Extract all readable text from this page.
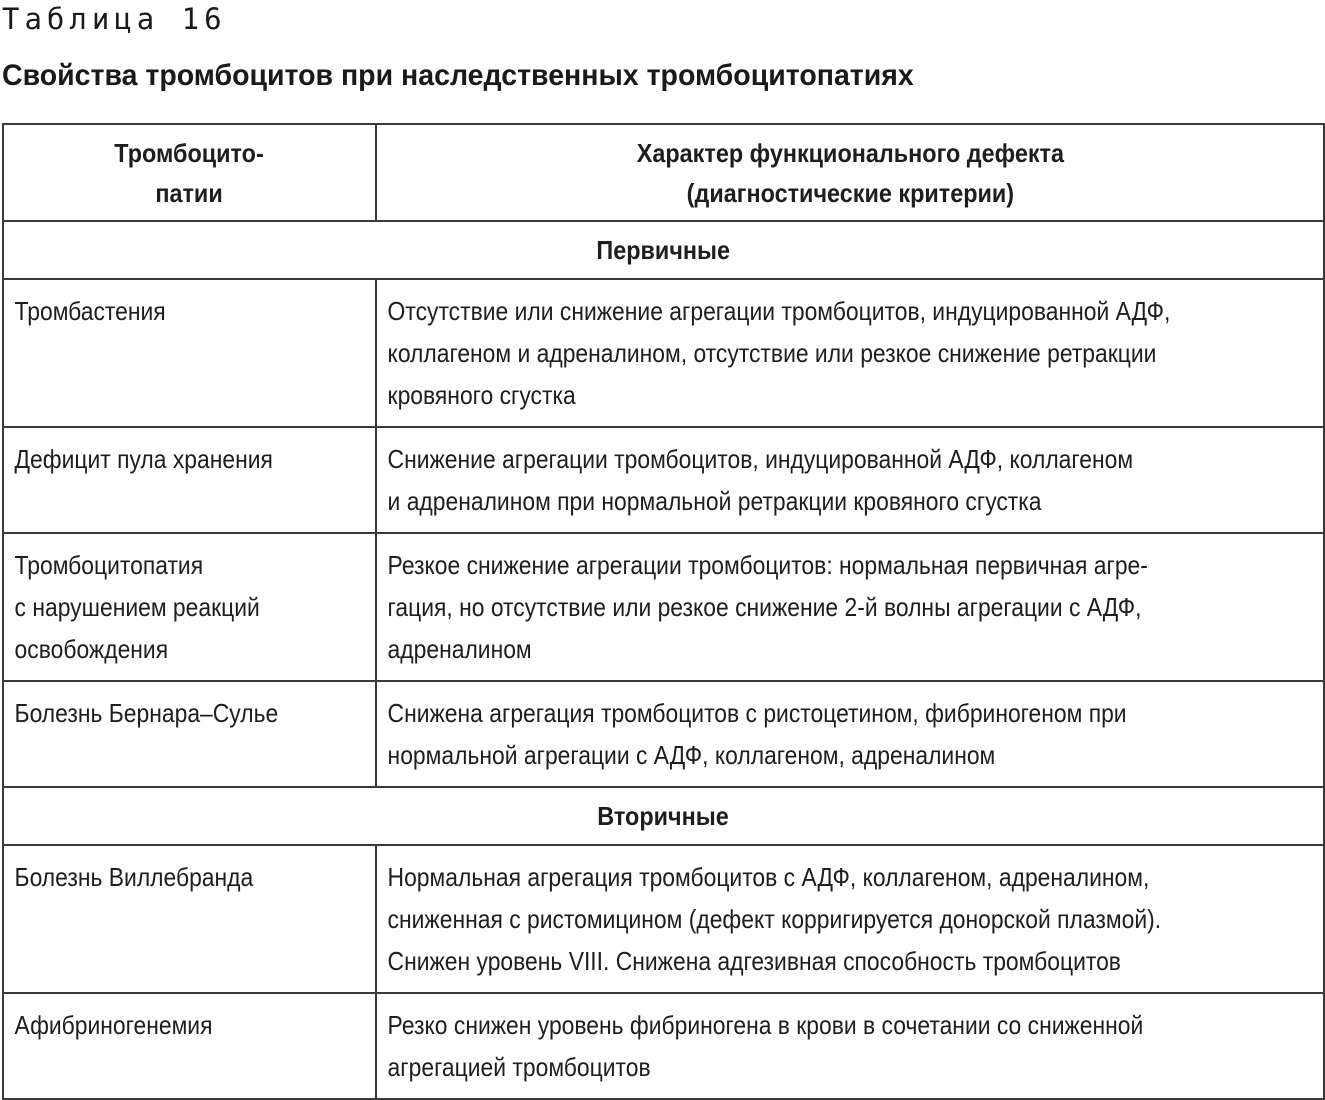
Таблица 16
Свойства тромбоцитов при наследственных тромбоцитопатиях
Тромбоцито-
патии	Характер функционального дефекта
(диагностические критерии)
Первичные	

Тромбастения	Отсутствие или снижение агрегации тромбоцитов, индуцированной АДФ,
коллагеном и адреналином, отсутствие или резкое снижение ретракции
кровяного сгустка

Дефицит пула хранения	Снижение агрегации тромбоцитов, индуцированной АДФ, коллагеном
и адреналином при нормальной ретракции кровяного сгустка

Тромбоцитопатия
с нарушением реакций
освобождения	Резкое снижение агрегации тромбоцитов: нормальная первичная агре-
гация, но отсутствие или резкое снижение 2-й волны агрегации с АДФ,
адреналином

Болезнь Бернара–Сулье	Снижена агрегация тромбоцитов с ристоцетином, фибриногеном при
нормальной агрегации с АДФ, коллагеном, адреналином

Вторичные	

Болезнь Виллебранда	Нормальная агрегация тромбоцитов с АДФ, коллагеном, адреналином,
сниженная с ристомицином (дефект корригируется донорской плазмой).
Снижен уровень VIII. Снижена адгезивная способность тромбоцитов

Афибриногенемия	Резко снижен уровень фибриногена в крови в сочетании со сниженной
агрегацией тромбоцитов
